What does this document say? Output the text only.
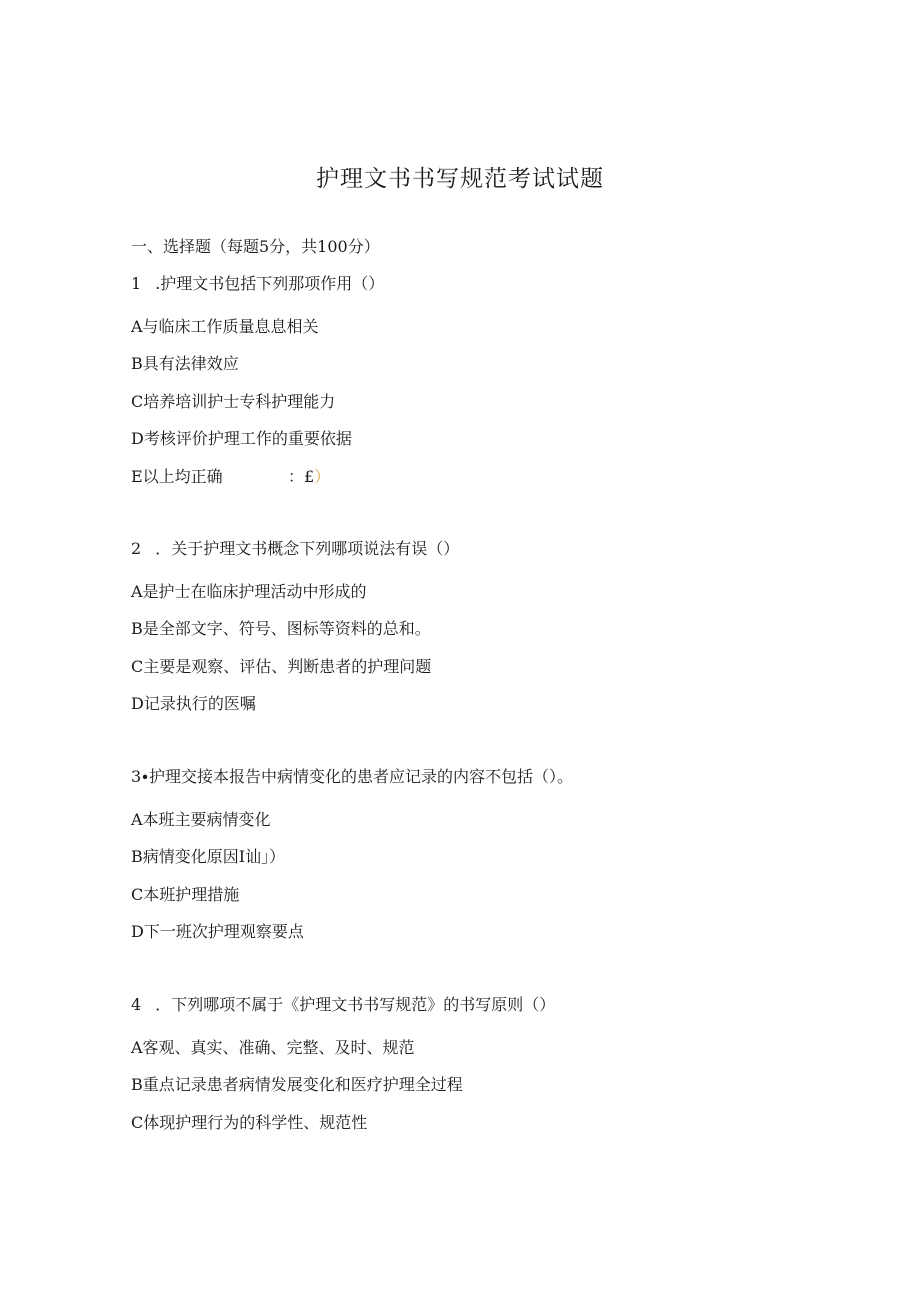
护理文书书写规范考试试题
一、选择题（每题5分，共100分）
1 .护理文书包括下列那项作用（）
A与临床工作质量息息相关
B具有法律效应
C培养培训护士专科护理能力
D考核评价护理工作的重要依据
E以上均正确	：£）
2 ．关于护理文书概念下列哪项说法有误（）
A是护士在临床护理活动中形成的
B是全部文字、符号、图标等资料的总和。
C主要是观察、评估、判断患者的护理问题
D记录执行的医嘱
3∙护理交接本报告中病情变化的患者应记录的内容不包括（）。
A本班主要病情变化
B病情变化原因I讪」）
C本班护理措施
D下一班次护理观察要点
4 ．下列哪项不属于《护理文书书写规范》的书写原则（）
A客观、真实、准确、完整、及时、规范
B重点记录患者病情发展变化和医疗护理全过程
C体现护理行为的科学性、规范性
